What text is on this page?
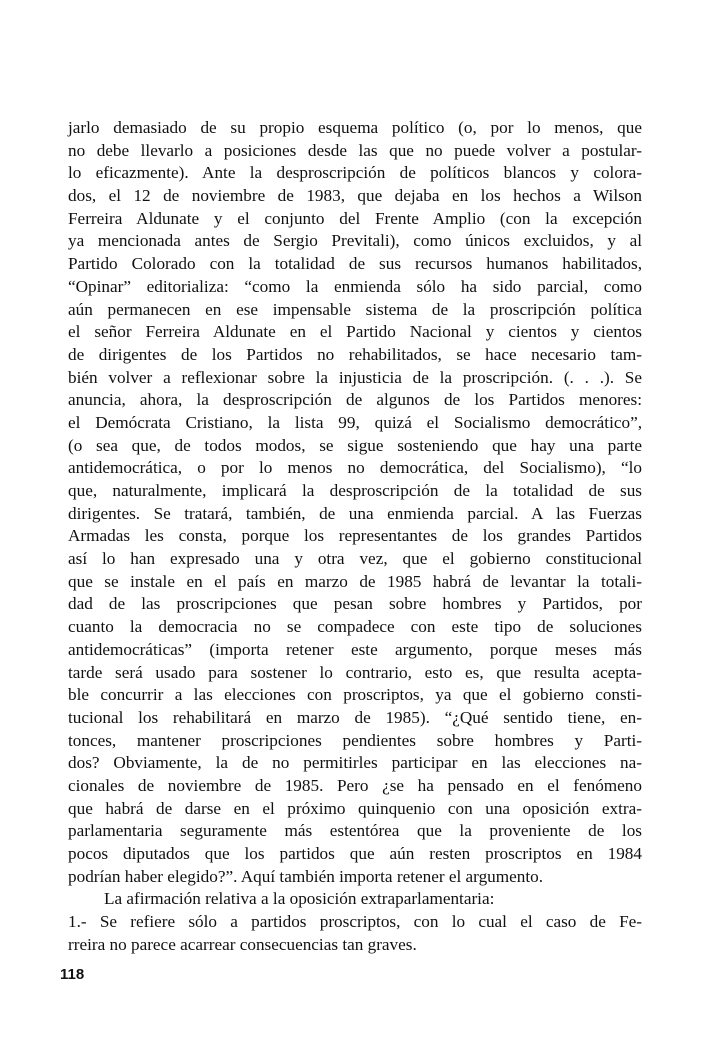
jarlo demasiado de su propio esquema político (o, por lo menos, que
no debe llevarlo a posiciones desde las que no puede volver a postular-
lo eficazmente). Ante la desproscripción de políticos blancos y colora-
dos, el 12 de noviembre de 1983, que dejaba en los hechos a Wilson
Ferreira Aldunate y el conjunto del Frente Amplio (con la excepción
ya mencionada antes de Sergio Previtali), como únicos excluidos, y al
Partido Colorado con la totalidad de sus recursos humanos habilitados,
“Opinar” editorializa: “como la enmienda sólo ha sido parcial, como
aún permanecen en ese impensable sistema de la proscripción política
el señor Ferreira Aldunate en el Partido Nacional y cientos y cientos
de dirigentes de los Partidos no rehabilitados, se hace necesario tam-
bién volver a reflexionar sobre la injusticia de la proscripción. (. . .). Se
anuncia, ahora, la desproscripción de algunos de los Partidos menores:
el Demócrata Cristiano, la lista 99, quizá el Socialismo democrático”,
(o sea que, de todos modos, se sigue sosteniendo que hay una parte
antidemocrática, o por lo menos no democrática, del Socialismo), “lo
que, naturalmente, implicará la desproscripción de la totalidad de sus
dirigentes. Se tratará, también, de una enmienda parcial. A las Fuerzas
Armadas les consta, porque los representantes de los grandes Partidos
así lo han expresado una y otra vez, que el gobierno constitucional
que se instale en el país en marzo de 1985 habrá de levantar la totali-
dad de las proscripciones que pesan sobre hombres y Partidos, por
cuanto la democracia no se compadece con este tipo de soluciones
antidemocráticas” (importa retener este argumento, porque meses más
tarde será usado para sostener lo contrario, esto es, que resulta acepta-
ble concurrir a las elecciones con proscriptos, ya que el gobierno consti-
tucional los rehabilitará en marzo de 1985). “¿Qué sentido tiene, en-
tonces, mantener proscripciones pendientes sobre hombres y Parti-
dos? Obviamente, la de no permitirles participar en las elecciones na-
cionales de noviembre de 1985. Pero ¿se ha pensado en el fenómeno
que habrá de darse en el próximo quinquenio con una oposición extra-
parlamentaria seguramente más estentórea que la proveniente de los
pocos diputados que los partidos que aún resten proscriptos en 1984
podrían haber elegido?”. Aquí también importa retener el argumento.
La afirmación relativa a la oposición extraparlamentaria:
1.- Se refiere sólo a partidos proscriptos, con lo cual el caso de Fe-
rreira no parece acarrear consecuencias tan graves.
118
